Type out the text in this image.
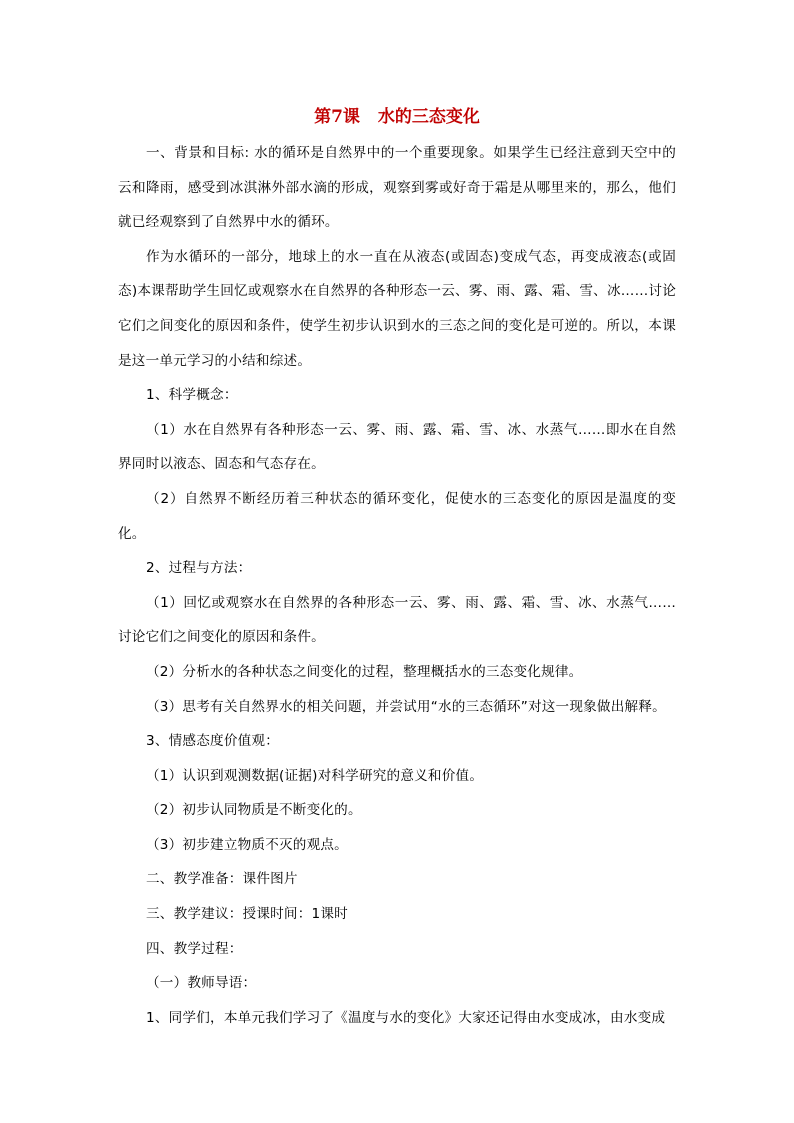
第7课 水的三态变化

一、背景和目标: 水的循环是自然界中的一个重要现象。如果学生已经注意到天空中的云和降雨，感受到冰淇淋外部水滴的形成，观察到雾或好奇于霜是从哪里来的，那么，他们就已经观察到了自然界中水的循环。

作为水循环的一部分，地球上的水一直在从液态(或固态)变成气态，再变成液态(或固态)本课帮助学生回忆或观察水在自然界的各种形态一云、雾、雨、露、霜、雪、冰……讨论它们之间变化的原因和条件，使学生初步认识到水的三态之间的变化是可逆的。所以，本课是这一单元学习的小结和综述。

1、科学概念：

（1）水在自然界有各种形态一云、雾、雨、露、霜、雪、冰、水蒸气……即水在自然界同时以液态、固态和气态存在。

（2）自然界不断经历着三种状态的循环变化，促使水的三态变化的原因是温度的变化。

2、过程与方法：

（1）回忆或观察水在自然界的各种形态一云、雾、雨、露、霜、雪、冰、水蒸气……讨论它们之间变化的原因和条件。

（2）分析水的各种状态之间变化的过程，整理概括水的三态变化规律。

（3）思考有关自然界水的相关问题，并尝试用“水的三态循环”对这一现象做出解释。

3、情感态度价值观：

（1）认识到观测数据(证据)对科学研究的意义和价值。

（2）初步认同物质是不断变化的。

（3）初步建立物质不灭的观点。

二、教学准备：课件图片

三、教学建议：授课时间：1课时

四、教学过程：

（一）教师导语：

1、同学们，本单元我们学习了《温度与水的变化》大家还记得由水变成冰，由水变成
